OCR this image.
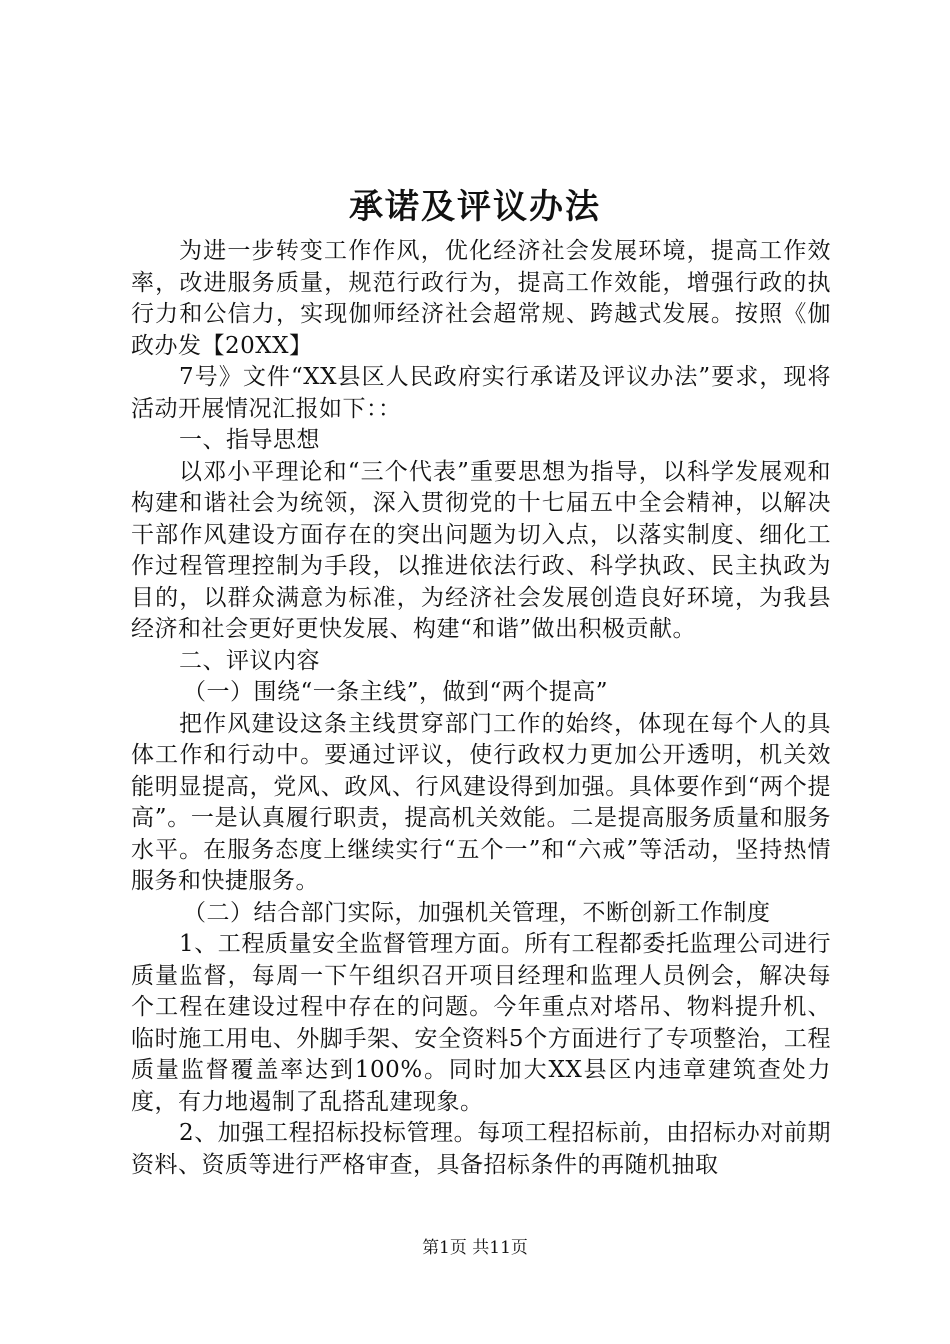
承诺及评议办法

为进一步转变工作作风，优化经济社会发展环境，提高工作效率，改进服务质量，规范行政行为，提高工作效能，增强行政的执行力和公信力，实现伽师经济社会超常规、跨越式发展。按照《伽政办发【20XX】

7号》文件“XX县区人民政府实行承诺及评议办法”要求，现将活动开展情况汇报如下：：

一、指导思想

以邓小平理论和“三个代表”重要思想为指导，以科学发展观和构建和谐社会为统领，深入贯彻党的十七届五中全会精神，以解决干部作风建设方面存在的突出问题为切入点，以落实制度、细化工作过程管理控制为手段，以推进依法行政、科学执政、民主执政为目的，以群众满意为标准，为经济社会发展创造良好环境，为我县经济和社会更好更快发展、构建“和谐”做出积极贡献。

二、评议内容

（一）围绕“一条主线”，做到“两个提高”

把作风建设这条主线贯穿部门工作的始终，体现在每个人的具体工作和行动中。要通过评议，使行政权力更加公开透明，机关效能明显提高，党风、政风、行风建设得到加强。具体要作到“两个提高”。一是认真履行职责，提高机关效能。二是提高服务质量和服务水平。在服务态度上继续实行“五个一”和“六戒”等活动，坚持热情服务和快捷服务。

（二）结合部门实际，加强机关管理，不断创新工作制度

1、工程质量安全监督管理方面。所有工程都委托监理公司进行质量监督，每周一下午组织召开项目经理和监理人员例会，解决每个工程在建设过程中存在的问题。今年重点对塔吊、物料提升机、临时施工用电、外脚手架、安全资料5个方面进行了专项整治，工程质量监督覆盖率达到100%。同时加大XX县区内违章建筑查处力度，有力地遏制了乱搭乱建现象。

2、加强工程招标投标管理。每项工程招标前，由招标办对前期资料、资质等进行严格审查，具备招标条件的再随机抽取

第1页 共11页
